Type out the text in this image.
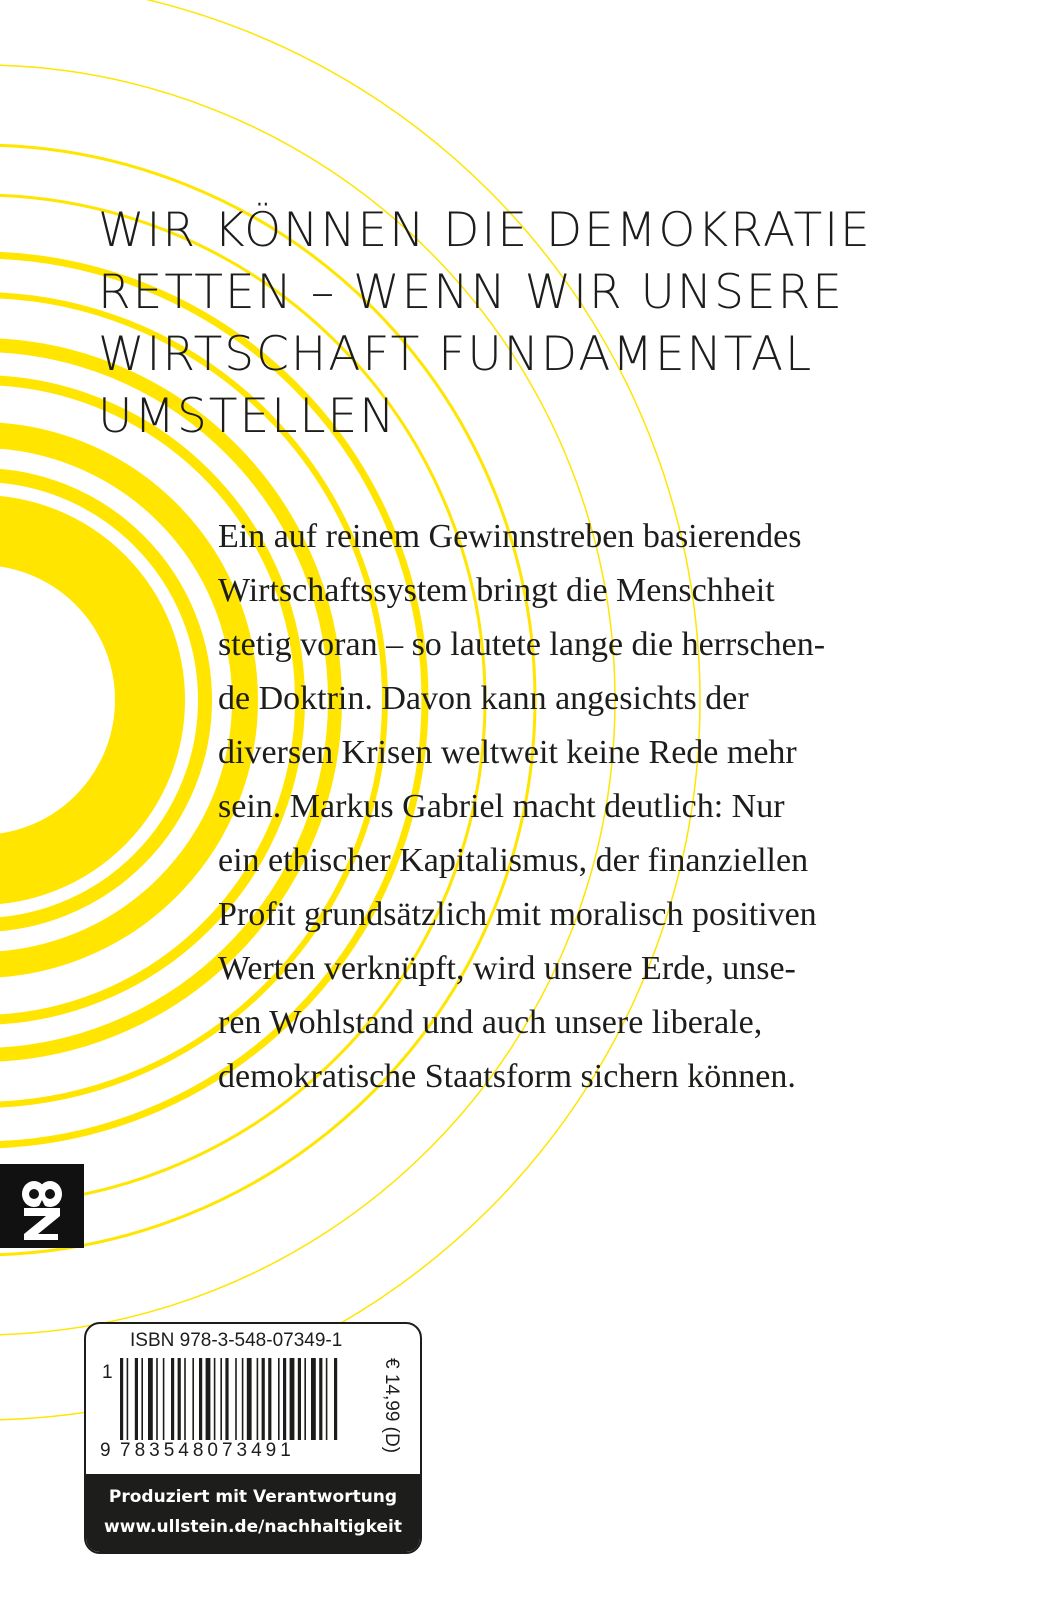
WIR KÖNNEN DIE DEMOKRATIE
RETTEN – WENN WIR UNSERE
WIRTSCHAFT FUNDAMENTAL
UMSTELLEN
Ein auf reinem Gewinnstreben basierendes
Wirtschaftssystem bringt die Menschheit
stetig voran – so lautete lange die herrschen-
de Doktrin. Davon kann angesichts der
diversen Krisen weltweit keine Rede mehr
sein. Markus Gabriel macht deutlich: Nur
ein ethischer Kapitalismus, der finanziellen
Profit grundsätzlich mit moralisch positiven
Werten verknüpft, wird unsere Erde, unse-
ren Wohlstand und auch unsere liberale,
demokratische Staatsform sichern können.
ISBN 978-3-548-07349-1
1
9 783548073491	€ 14,99 (D)
Produziert mit Verantwortung
www.ullstein.de/nachhaltigkeit
